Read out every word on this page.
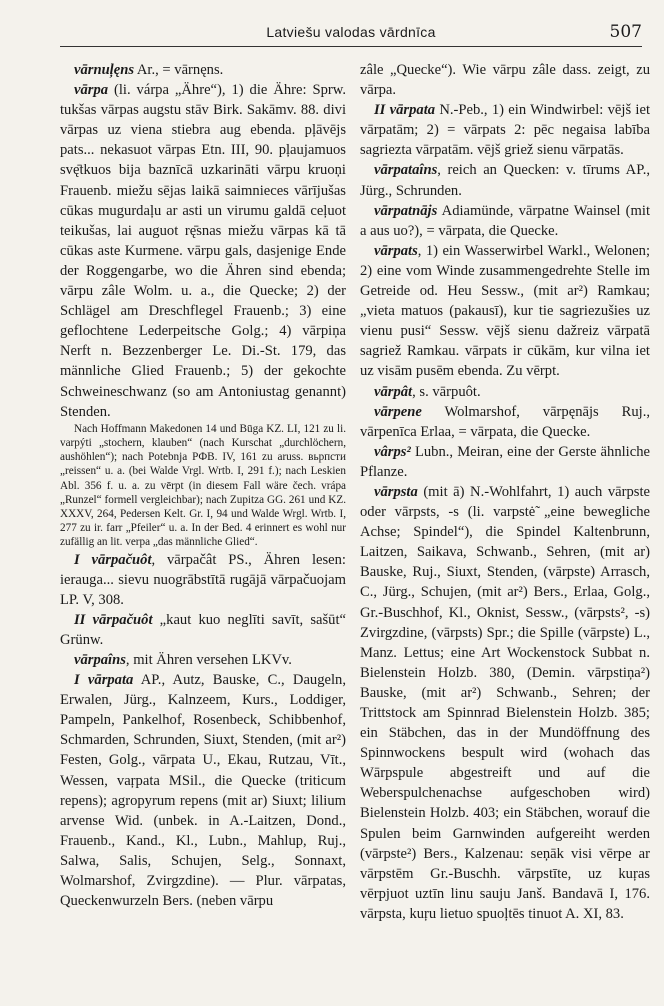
Latviešu valodas vārdnīca	507

vārnul̦ęns Ar., = vārnęns.

vārpa (li. várpa „Ähre“), 1) die Ähre: Sprw. tukšas vārpas augstu stāv Birk. Sakāmv. 88. divi vārpas uz viena stiebra aug ebenda. pļāvējs pats... nekasuot vārpas Etn. III, 90. pļaujamuos svę̄tkuos bija baznīcā uzkarināti vārpu kruoņi Frauenb. miežu sējas laikā saimnieces vārījušas cūkas mugurdaļu ar asti un virumu galdā ceļuot teikušas, lai auguot rę̄snas miežu vārpas kā tā cūkas aste Kurmene. vārpu gals, dasjenige Ende der Roggengarbe, wo die Ähren sind ebenda; vārpu zâle Wolm. u. a., die Quecke; 2) der Schlägel am Dreschflegel Frauenb.; 3) eine geflochtene Lederpeitsche Golg.; 4) vārpiņa Nerft n. Bezzenberger Le. Di.-St. 179, das männliche Glied Frauenb.; 5) der gekochte Schweineschwanz (so am Antoniustag genannt) Stenden.

Nach Hoffmann Makedonen 14 und Būga KZ. LI, 121 zu li. varpýti „stochern, klauben“ (nach Kurschat „durchlöchern, aushöhlen“); nach Potebnja PФВ. IV, 161 zu aruss. вьрпсти „reissen“ u. a. (bei Walde Vrgl. Wrtb. I, 291 f.); nach Leskien Abl. 356 f. u. a. zu vērpt (in diesem Fall wäre čech. vrápa „Runzel“ formell vergleichbar); nach Zupitza GG. 261 und KZ. XXXV, 264, Pedersen Kelt. Gr. I, 94 und Walde Wrgl. Wrtb. I, 277 zu ir. farr „Pfeiler“ u. a. In der Bed. 4 erinnert es wohl nur zufällig an lit. verpa „das männliche Glied“.

I vārpačuôt, vārpačât PS., Ähren lesen: ierauga... sievu nuogrābstītā rugājā vārpačuojam LP. V, 308.

II vārpačuôt „kaut kuo neglīti savīt, sašūt“ Grünw.

vārpaîns, mit Ähren versehen LKVv.

I vārpata AP., Autz, Bauske, C., Daugeln, Erwalen, Jürg., Kalnzeem, Kurs., Loddiger, Pampeln, Pankelhof, Rosenbeck, Schibbenhof, Schmarden, Schrunden, Siuxt, Stenden, (mit ar²) Festen, Golg., vārpata U., Ekau, Rutzau, Vīt., Wessen, vaŗpata MSil., die Quecke (triticum repens); agropyrum repens (mit ar) Siuxt; lilium arvense Wid. (unbek. in A.-Laitzen, Dond., Frauenb., Kand., Kl., Lubn., Mahlup, Ruj., Salwa, Salis, Schujen, Selg., Sonnaxt, Wolmarshof, Zvirgzdine). — Plur. vārpatas, Queckenwurzeln Bers. (neben vārpu

zâle „Quecke“). Wie vārpu zâle dass. zeigt, zu vārpa.

II vārpata N.-Peb., 1) ein Windwirbel: vējš iet vārpatām; 2) = vārpats 2: pēc negaisa labība sagriezta vārpatām. vējš griež sienu vārpatās.

vārpataîns, reich an Quecken: v. tīrums AP., Jürg., Schrunden.

vārpatnājs Adiamünde, vārpatne Wainsel (mit a aus uo?), = vārpata, die Quecke.

vārpats, 1) ein Wasserwirbel Warkl., Welonen; 2) eine vom Winde zusammengedrehte Stelle im Getreide od. Heu Sessw., (mit ar²) Ramkau; „vieta matuos (pakausī), kur tie sagriezušies uz vienu pusi“ Sessw. vējš sienu dažreiz vārpatā sagriež Ramkau. vārpats ir cūkām, kur vilna iet uz visām pusēm ebenda. Zu vērpt.

vārpât, s. vārpuôt.

vārpene Wolmarshof, vārpęnājs Ruj., vārpenīca Erlaa, = vārpata, die Quecke.

vârps² Lubn., Meiran, eine der Gerste ähnliche Pflanze.

vārpsta (mit ā) N.-Wohlfahrt, 1) auch vārpste oder vārpsts, -s (li. varpstė̃ „eine bewegliche Achse; Spindel“), die Spindel Kaltenbrunn, Laitzen, Saikava, Schwanb., Sehren, (mit ar) Bauske, Ruj., Siuxt, Stenden, (vārpste) Arrasch, C., Jürg., Schujen, (mit ar²) Bers., Erlaa, Golg., Gr.-Buschhof, Kl., Oknist, Sessw., (vārpsts², -s) Zvirgzdine, (vārpsts) Spr.; die Spille (vārpste) L., Manz. Lettus; eine Art Wockenstock Subbat n. Bielenstein Holzb. 380, (Demin. vārpstiņa²) Bauske, (mit ar²) Schwanb., Sehren; der Trittstock am Spinnrad Bielenstein Holzb. 385; ein Stäbchen, das in der Mundöffnung des Spinnwockens bespult wird (wohach das Wārpspule abgestreift und auf die Weberspulchenachse aufgeschoben wird) Bielenstein Holzb. 403; ein Stäbchen, worauf die Spulen beim Garnwinden aufgereiht werden (vārpste²) Bers., Kalzenau: seņāk visi vērpe ar vārpstēm Gr.-Buschh. vārpstīte, uz kuŗas vērpjuot uztīn linu sauju Janš. Bandavā I, 176. vārpsta, kuŗu lietuo spuoļtēs tinuot A. XI, 83.
